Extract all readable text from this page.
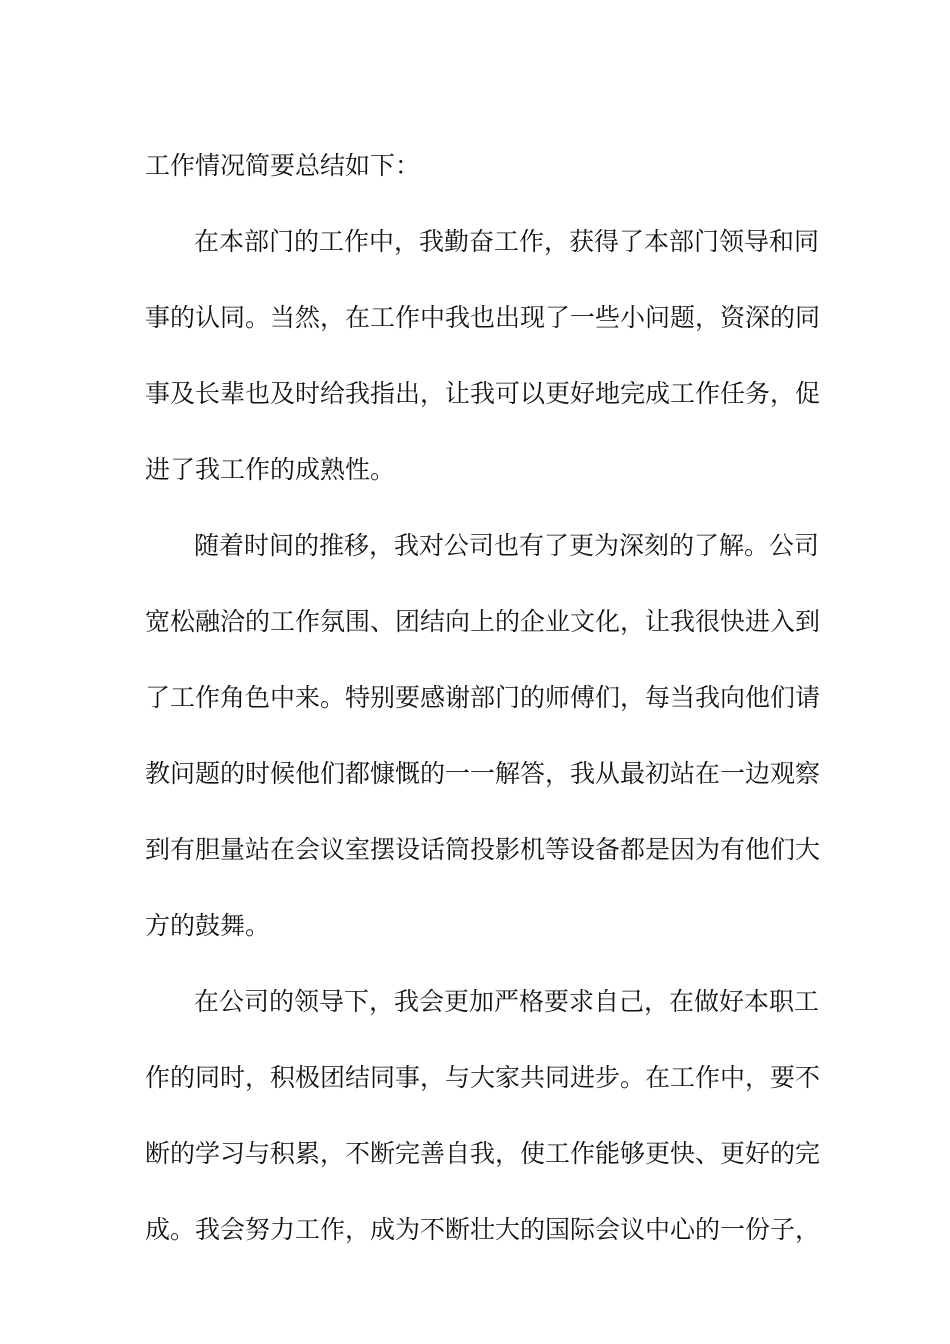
工作情况简要总结如下：
在本部门的工作中，我勤奋工作，获得了本部门领导和同
事的认同。当然，在工作中我也出现了一些小问题，资深的同
事及长辈也及时给我指出，让我可以更好地完成工作任务，促
进了我工作的成熟性。
随着时间的推移，我对公司也有了更为深刻的了解。公司
宽松融洽的工作氛围、团结向上的企业文化，让我很快进入到
了工作角色中来。特别要感谢部门的师傅们，每当我向他们请
教问题的时候他们都慷慨的一一解答，我从最初站在一边观察
到有胆量站在会议室摆设话筒投影机等设备都是因为有他们大
方的鼓舞。
在公司的领导下，我会更加严格要求自己，在做好本职工
作的同时，积极团结同事，与大家共同进步。在工作中，要不
断的学习与积累，不断完善自我，使工作能够更快、更好的完
成。我会努力工作，成为不断壮大的国际会议中心的一份子，
